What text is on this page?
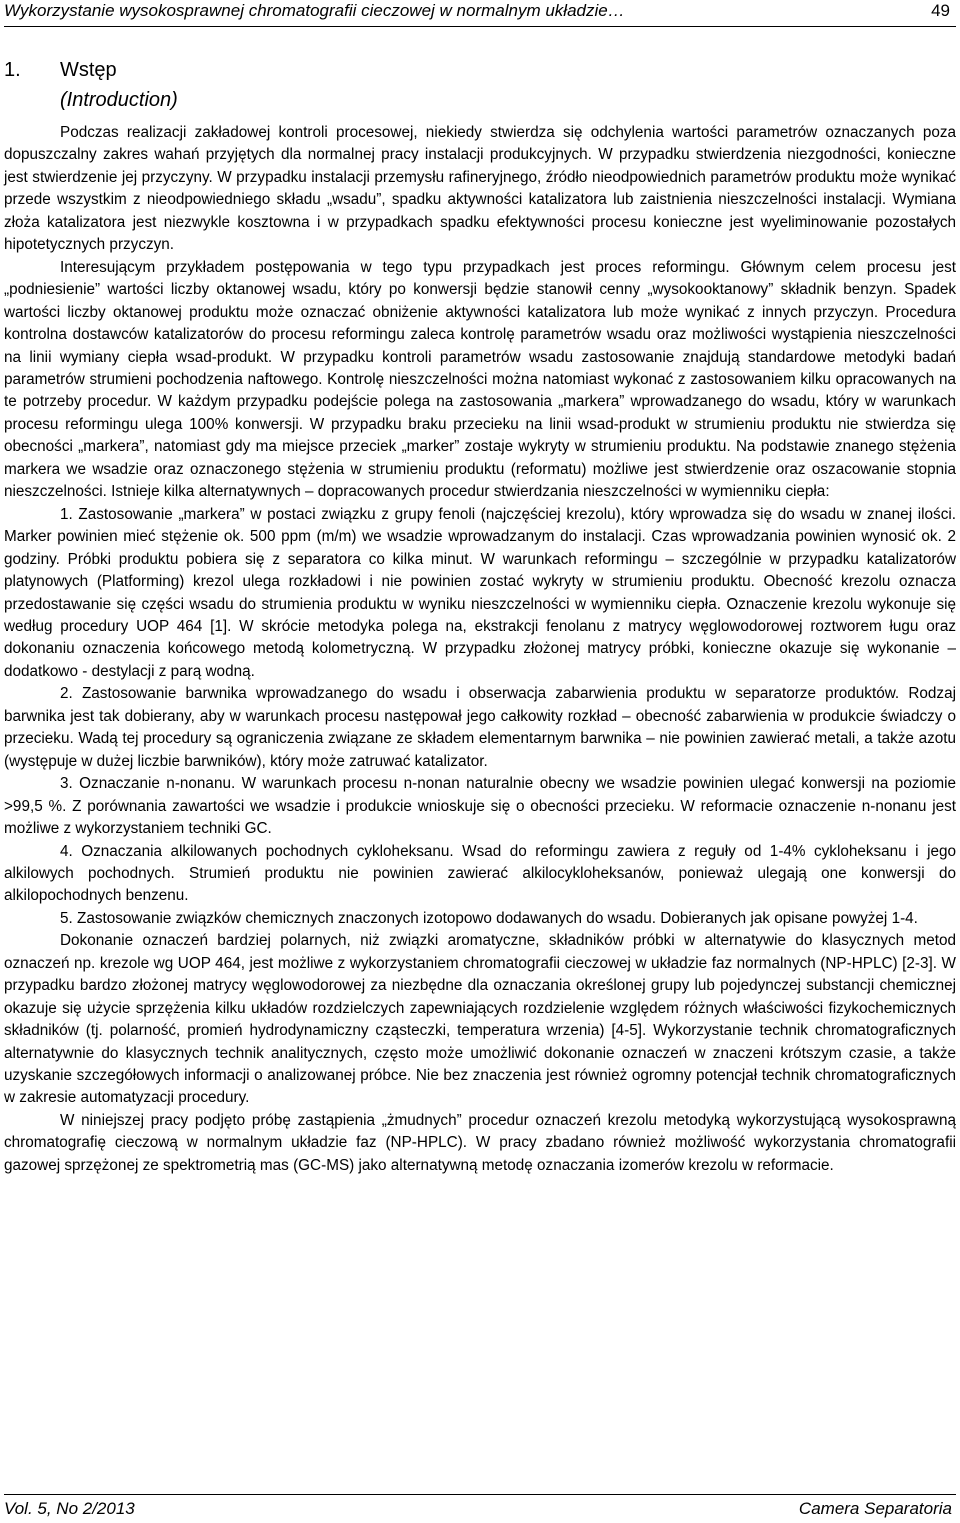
Wykorzystanie wysokosprawnej chromatografii cieczowej w normalnym układzie…	49
1. Wstęp
(Introduction)

Podczas realizacji zakładowej kontroli procesowej, niekiedy stwierdza się odchylenia wartości parametrów oznaczanych poza dopuszczalny zakres wahań przyjętych dla normalnej pracy instalacji produkcyjnych. W przypadku stwierdzenia niezgodności, konieczne jest stwierdzenie jej przyczyny. W przypadku instalacji przemysłu rafineryjnego, źródło nieodpowiednich parametrów produktu może wynikać przede wszystkim z nieodpowiedniego składu „wsadu”, spadku aktywności katalizatora lub zaistnienia nieszczelności instalacji. Wymiana złoża katalizatora jest niezwykle kosztowna i w przypadkach spadku efektywności procesu konieczne jest wyeliminowanie pozostałych hipotetycznych przyczyn.

Interesującym przykładem postępowania w tego typu przypadkach jest proces reformingu. Głównym celem procesu jest „podniesienie” wartości liczby oktanowej wsadu, który po konwersji będzie stanowił cenny „wysokooktanowy” składnik benzyn. Spadek wartości liczby oktanowej produktu może oznaczać obniżenie aktywności katalizatora lub może wynikać z innych przyczyn. Procedura kontrolna dostawców katalizatorów do procesu reformingu zaleca kontrolę parametrów wsadu oraz możliwości wystąpienia nieszczelności na linii wymiany ciepła wsad-produkt. W przypadku kontroli parametrów wsadu zastosowanie znajdują standardowe metodyki badań parametrów strumieni pochodzenia naftowego. Kontrolę nieszczelności można natomiast wykonać z zastosowaniem kilku opracowanych na te potrzeby procedur. W każdym przypadku podejście polega na zastosowania „markera” wprowadzanego do wsadu, który w warunkach procesu reformingu ulega 100% konwersji. W przypadku braku przecieku na linii wsad-produkt w strumieniu produktu nie stwierdza się obecności „markera”, natomiast gdy ma miejsce przeciek „marker” zostaje wykryty w strumieniu produktu. Na podstawie znanego stężenia markera we wsadzie oraz oznaczonego stężenia w strumieniu produktu (reformatu) możliwe jest stwierdzenie oraz oszacowanie stopnia nieszczelności. Istnieje kilka alternatywnych – dopracowanych procedur stwierdzania nieszczelności w wymienniku ciepła:

1. Zastosowanie „markera” w postaci związku z grupy fenoli (najczęściej krezolu), który wprowadza się do wsadu w znanej ilości. Marker powinien mieć stężenie ok. 500 ppm (m/m) we wsadzie wprowadzanym do instalacji. Czas wprowadzania powinien wynosić ok. 2 godziny. Próbki produktu pobiera się z separatora co kilka minut. W warunkach reformingu – szczególnie w przypadku katalizatorów platynowych (Platforming) krezol ulega rozkładowi i nie powinien zostać wykryty w strumieniu produktu. Obecność krezolu oznacza przedostawanie się części wsadu do strumienia produktu w wyniku nieszczelności w wymienniku ciepła. Oznaczenie krezolu wykonuje się według procedury UOP 464 [1]. W skrócie metodyka polega na, ekstrakcji fenolanu z matrycy węglowodorowej roztworem ługu oraz dokonaniu oznaczenia końcowego metodą kolometryczną. W przypadku złożonej matrycy próbki, konieczne okazuje się wykonanie – dodatkowo - destylacji z parą wodną.

2. Zastosowanie barwnika wprowadzanego do wsadu i obserwacja zabarwienia produktu w separatorze produktów. Rodzaj barwnika jest tak dobierany, aby w warunkach procesu następował jego całkowity rozkład – obecność zabarwienia w produkcie świadczy o przecieku. Wadą tej procedury są ograniczenia związane ze składem elementarnym barwnika – nie powinien zawierać metali, a także azotu (występuje w dużej liczbie barwników), który może zatruwać katalizator.

3. Oznaczanie n-nonanu. W warunkach procesu n-nonan naturalnie obecny we wsadzie powinien ulegać konwersji na poziomie >99,5 %. Z porównania zawartości we wsadzie i produkcie wnioskuje się o obecności przecieku. W reformacie oznaczenie n-nonanu jest możliwe z wykorzystaniem techniki GC.

4. Oznaczania alkilowanych pochodnych cykloheksanu. Wsad do reformingu zawiera z reguły od 1-4% cykloheksanu i jego alkilowych pochodnych. Strumień produktu nie powinien zawierać alkilocykloheksanów, ponieważ ulegają one konwersji do alkilopochodnych benzenu.

5. Zastosowanie związków chemicznych znaczonych izotopowo dodawanych do wsadu. Dobieranych jak opisane powyżej 1-4.

Dokonanie oznaczeń bardziej polarnych, niż związki aromatyczne, składników próbki w alternatywie do klasycznych metod oznaczeń np. krezole wg UOP 464, jest możliwe z wykorzystaniem chromatografii cieczowej w układzie faz normalnych (NP-HPLC) [2-3]. W przypadku bardzo złożonej matrycy węglowodorowej za niezbędne dla oznaczania określonej grupy lub pojedynczej substancji chemicznej okazuje się użycie sprzężenia kilku układów rozdzielczych zapewniających rozdzielenie względem różnych właściwości fizykochemicznych składników (tj. polarność, promień hydrodynamiczny cząsteczki, temperatura wrzenia) [4-5]. Wykorzystanie technik chromatograficznych alternatywnie do klasycznych technik analitycznych, często może umożliwić dokonanie oznaczeń w znaczeni krótszym czasie, a także uzyskanie szczegółowych informacji o analizowanej próbce. Nie bez znaczenia jest również ogromny potencjał technik chromatograficznych w zakresie automatyzacji procedury.

W niniejszej pracy podjęto próbę zastąpienia „żmudnych” procedur oznaczeń krezolu metodyką wykorzystującą wysokosprawną chromatografię cieczową w normalnym układzie faz (NP-HPLC). W pracy zbadano również możliwość wykorzystania chromatografii gazowej sprzężonej ze spektrometrią mas (GC-MS) jako alternatywną metodę oznaczania izomerów krezolu w reformacie.

Vol. 5, No 2/2013	Camera Separatoria
